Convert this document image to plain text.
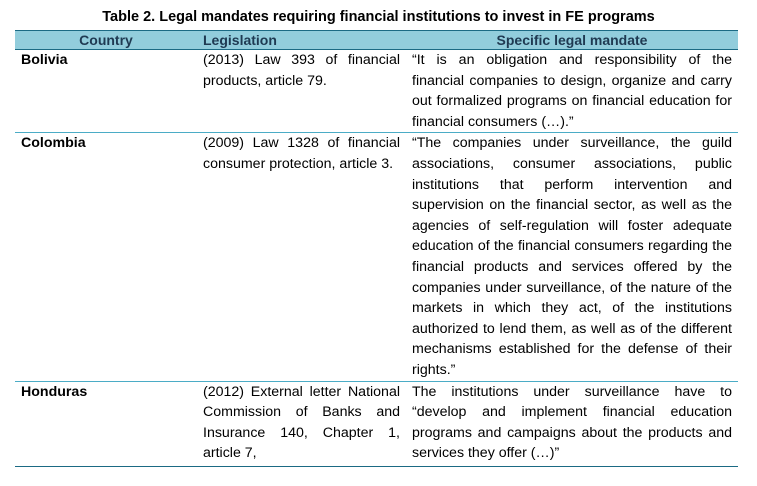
Table 2. Legal mandates requiring financial institutions to invest in FE programs
Country	Legislation	Specific legal mandate
Bolivia	(2013) Law 393 of financial products, article 79.	“It is an obligation and responsibility of the financial companies to design, organize and carry out formalized programs on financial education for financial consumers (…).”
Colombia	(2009) Law 1328 of financial consumer protection, article 3.	“The companies under surveillance, the guild associations, consumer associations, public institutions that perform intervention and supervision on the financial sector, as well as the agencies of self-regulation will foster adequate education of the financial consumers regarding the financial products and services offered by the companies under surveillance, of the nature of the markets in which they act, of the institutions authorized to lend them, as well as of the different mechanisms established for the defense of their rights.”
Honduras	(2012) External letter National Commission of Banks and Insurance 140, Chapter 1, article 7,	The institutions under surveillance have to “develop and implement financial education programs and campaigns about the products and services they offer (…)”
